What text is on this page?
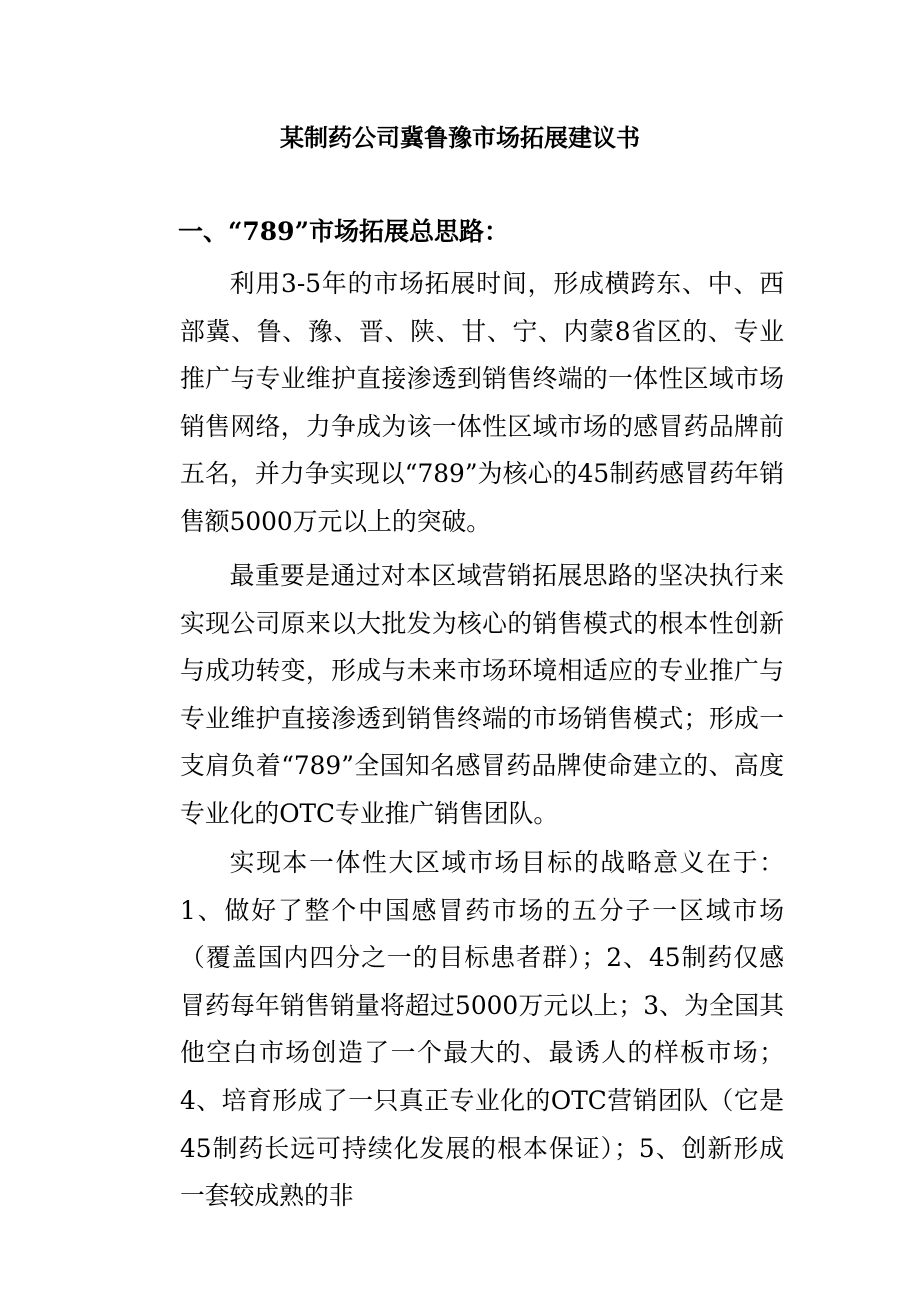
某制药公司冀鲁豫市场拓展建议书
一、“789”市场拓展总思路：

利用3-5年的市场拓展时间，形成横跨东、中、西部冀、鲁、豫、晋、陕、甘、宁、内蒙8省区的、专业推广与专业维护直接渗透到销售终端的一体性区域市场销售网络，力争成为该一体性区域市场的感冒药品牌前五名，并力争实现以“789”为核心的45制药感冒药年销售额5000万元以上的突破。

最重要是通过对本区域营销拓展思路的坚决执行来实现公司原来以大批发为核心的销售模式的根本性创新与成功转变，形成与未来市场环境相适应的专业推广与专业维护直接渗透到销售终端的市场销售模式；形成一支肩负着“789”全国知名感冒药品牌使命建立的、高度专业化的OTC专业推广销售团队。

实现本一体性大区域市场目标的战略意义在于：1、做好了整个中国感冒药市场的五分子一区域市场（覆盖国内四分之一的目标患者群）；2、45制药仅感冒药每年销售销量将超过5000万元以上；3、为全国其他空白市场创造了一个最大的、最诱人的样板市场；4、培育形成了一只真正专业化的OTC营销团队（它是45制药长远可持续化发展的根本保证）；5、创新形成一套较成熟的非
